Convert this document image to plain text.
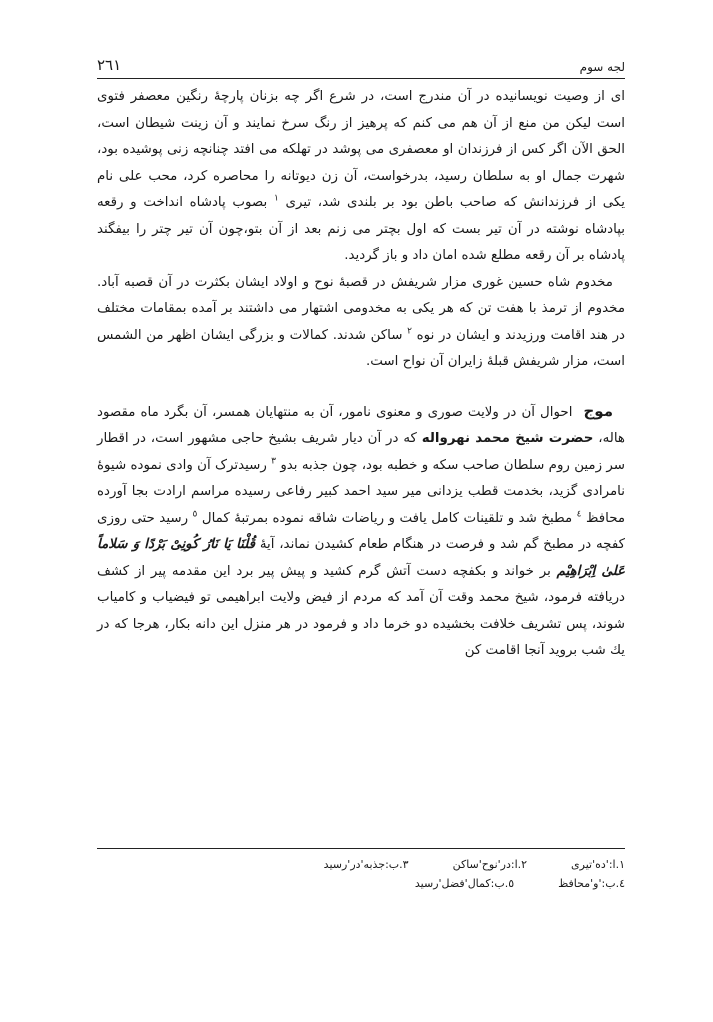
٢٦١	لجه سوم

ای از وصیت نویسانیده در آن مندرج است، در شرع اگر چه بزنان پارچهٔ رنگین معصفر فتوی است لیکن من منع از آن هم می کنم که پرهیز از رنگ سرخ نمایند و آن زینت شیطان است، الحق الآن اگر کس از فرزندان او معصفری می پوشد در تهلکه می افتد چنانچه زنی پوشیده بود، شهرت جمال او به سلطان رسید، بدرخواست، آن زن دیوتانه را محاصره کرد، محب علی نام یکی از فرزندانش که صاحب باطن بود بر بلندی شد، تیری $^١$ بصوب پادشاه انداخت و رقعه بپادشاه نوشته در آن تیر بست که اول بچتر می زنم بعد از آن بتو،چون آن تیر چتر را بیفگند پادشاه بر آن رقعه مطلع شده امان داد و باز گردید.

مخدوم شاه حسین غوری مزار شریفش در قصبهٔ نوح و اولاد ایشان بکثرت در آن قصبه آباد. مخدوم از ترمذ با هفت تن که هر یکی به مخدومی اشتهار می داشتند بر آمده بمقامات مختلف در هند اقامت ورزیدند و ایشان در نوه $^٢$ ساکن شدند. کمالات و بزرگی ایشان اظهر من الشمس است، مزار شریفش قبلهٔ زایران آن نواح است.

موج احوال آن در ولایت صوری و معنوی نامور، آن به منتهایان همسر، آن بگرد ماه مقصود هاله، حضرت شیخ محمد نهرواله که در آن دیار شریف بشیخ حاجی مشهور است، در اقطار سر زمین روم سلطان صاحب سکه و خطبه بود، چون جذبه بدو $^٣$ رسیدترک آن وادی نموده شیوهٔ نامرادی گزید، بخدمت قطب یزدانی میر سید احمد کبیر رفاعی رسیده مراسم ارادت بجا آورده محافظ $^٤$ مطبخ شد و تلقینات کامل یافت و ریاضات شاقه نموده بمرتبهٔ کمال $^٥$ رسید حتی روزی کفچه در مطبخ گم شد و فرصت در هنگام طعام کشیدن نماند، آیهٔ قُلْنَا یَا نَارُ کُونِیْ بَرْدًا وَ سَلاماً عَلیٰ اِبْرَاهِیْم بر خواند و بکفچه دست آتش گرم کشید و پیش پیر برد این مقدمه پیر از کشف دریافته فرمود، شیخ محمد وقت آن آمد که مردم از فیض ولایت ابراهیمی تو فیضیاب و کامیاب شوند، پس تشریف خلافت بخشیده دو خرما داد و فرمود در هر منزل این دانه بکار، هرجا که در یك شب بروید آنجا اقامت کن

١.ا:'ده'تیری
٢.ا:در'نوح'ساکن
٣.ب:جذبه'در'رسید
٤.ب:'و'محافظ
٥.ب:کمال'فضل'رسید
